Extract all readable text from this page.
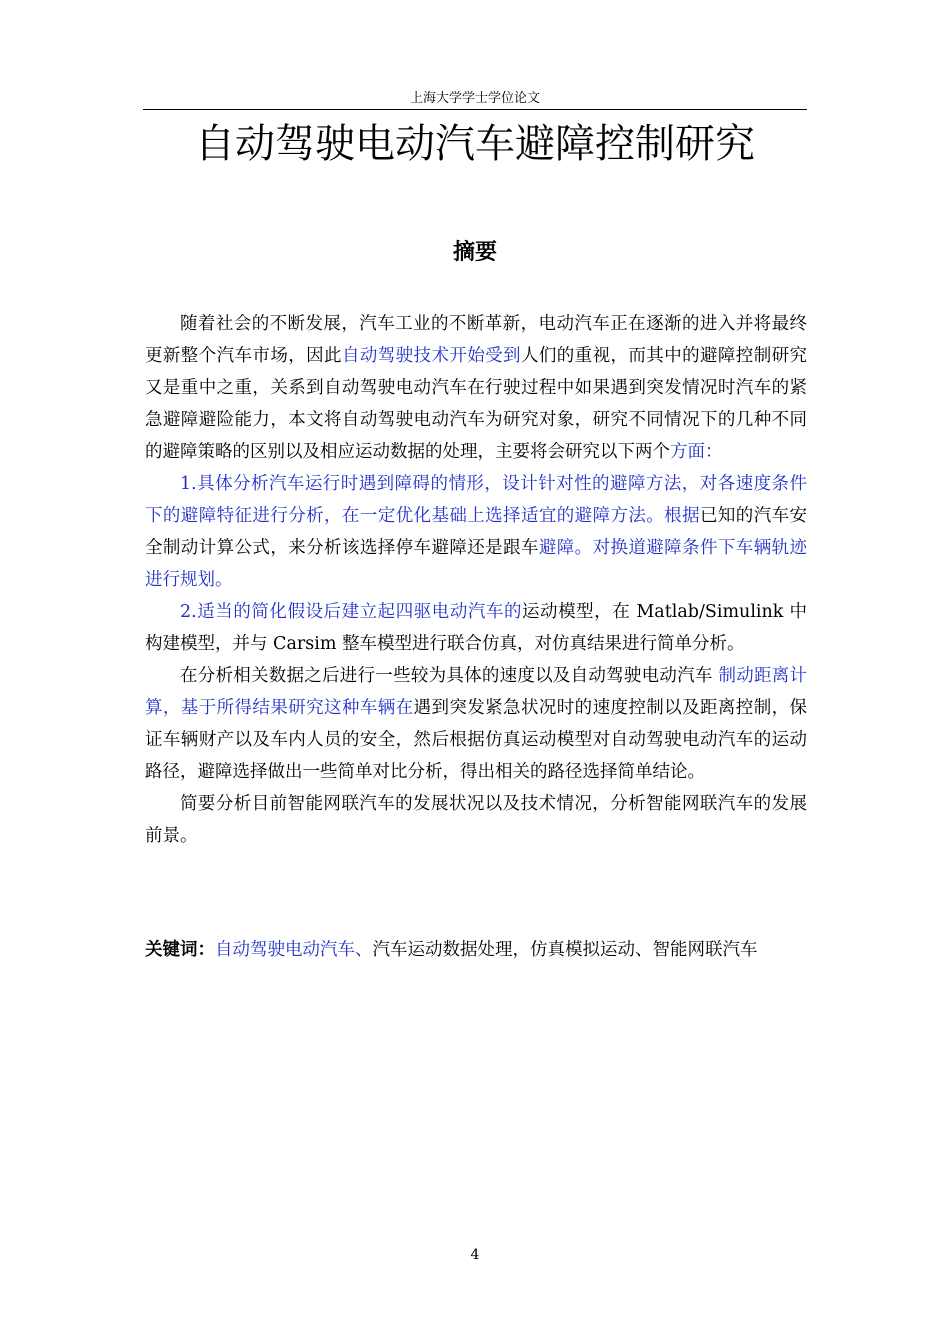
上海大学学士学位论文
自动驾驶电动汽车避障控制研究
摘要

随着社会的不断发展，汽车工业的不断革新，电动汽车正在逐渐的进入并将最终更新整个汽车市场，因此自动驾驶技术开始受到人们的重视，而其中的避障控制研究又是重中之重，关系到自动驾驶电动汽车在行驶过程中如果遇到突发情况时汽车的紧急避障避险能力，本文将自动驾驶电动汽车为研究对象，研究不同情况下的几种不同的避障策略的区别以及相应运动数据的处理，主要将会研究以下两个方面：

1.具体分析汽车运行时遇到障碍的情形，设计针对性的避障方法，对各速度条件下的避障特征进行分析，在一定优化基础上选择适宜的避障方法。根据已知的汽车安全制动计算公式，来分析该选择停车避障还是跟车避障。对换道避障条件下车辆轨迹进行规划。

2.适当的简化假设后建立起四驱电动汽车的运动模型，在 Matlab/Simulink 中构建模型，并与 Carsim 整车模型进行联合仿真，对仿真结果进行简单分析。

在分析相关数据之后进行一些较为具体的速度以及自动驾驶电动汽车 制动距离计算，基于所得结果研究这种车辆在遇到突发紧急状况时的速度控制以及距离控制，保证车辆财产以及车内人员的安全，然后根据仿真运动模型对自动驾驶电动汽车的运动路径，避障选择做出一些简单对比分析，得出相关的路径选择简单结论。

简要分析目前智能网联汽车的发展状况以及技术情况，分析智能网联汽车的发展前景。

关键词：自动驾驶电动汽车、汽车运动数据处理，仿真模拟运动、智能网联汽车
4
